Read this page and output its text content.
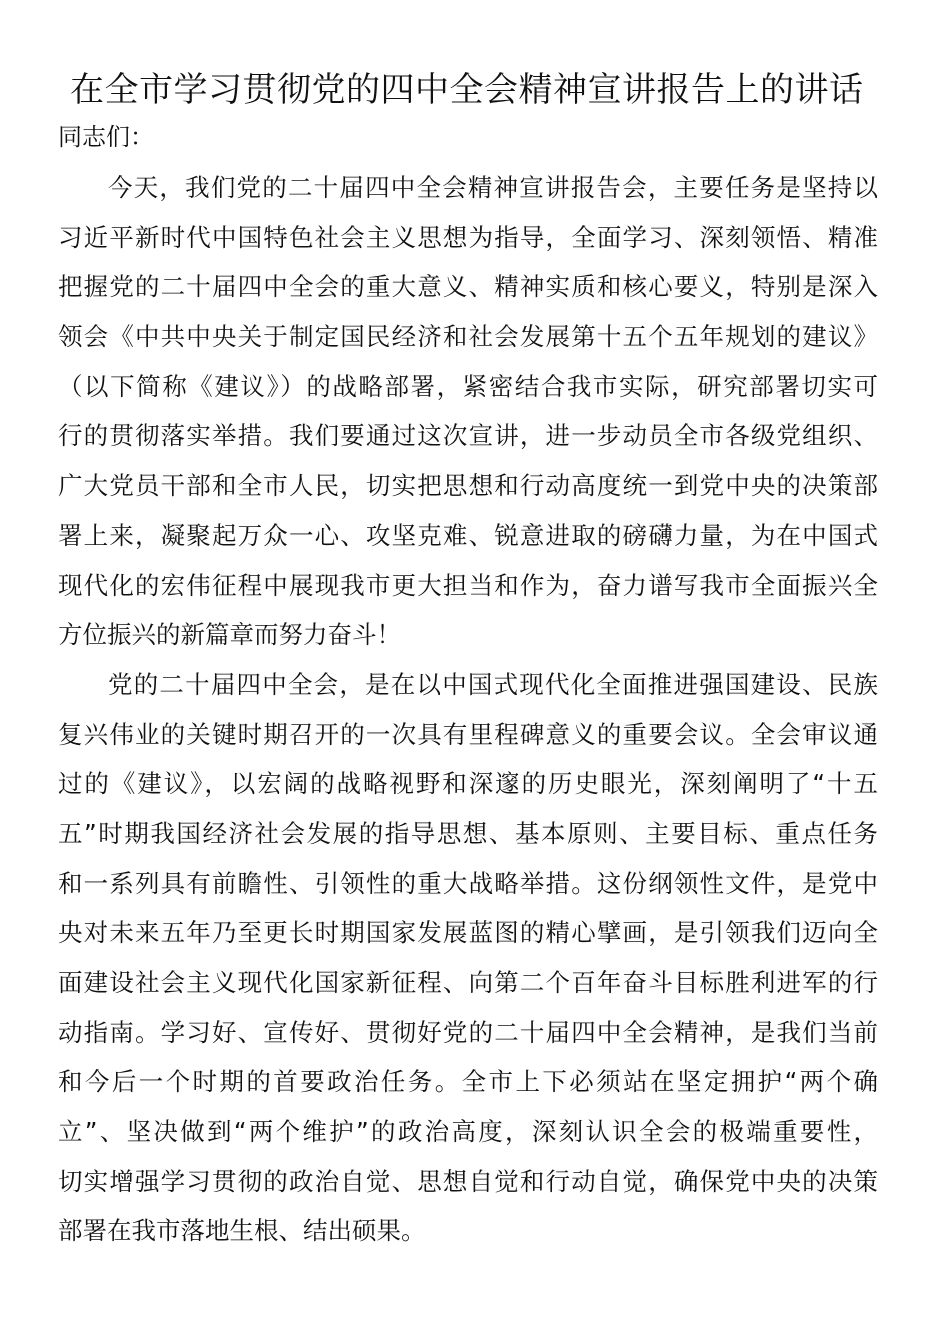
在全市学习贯彻党的四中全会精神宣讲报告上的讲话
同志们：
今天，我们党的二十届四中全会精神宣讲报告会，主要任务是坚持以
习近平新时代中国特色社会主义思想为指导，全面学习、深刻领悟、精准
把握党的二十届四中全会的重大意义、精神实质和核心要义，特别是深入
领会《中共中央关于制定国民经济和社会发展第十五个五年规划的建议》
（以下简称《建议》）的战略部署，紧密结合我市实际，研究部署切实可
行的贯彻落实举措。我们要通过这次宣讲，进一步动员全市各级党组织、
广大党员干部和全市人民，切实把思想和行动高度统一到党中央的决策部
署上来，凝聚起万众一心、攻坚克难、锐意进取的磅礴力量，为在中国式
现代化的宏伟征程中展现我市更大担当和作为，奋力谱写我市全面振兴全
方位振兴的新篇章而努力奋斗！
党的二十届四中全会，是在以中国式现代化全面推进强国建设、民族
复兴伟业的关键时期召开的一次具有里程碑意义的重要会议。全会审议通
过的《建议》，以宏阔的战略视野和深邃的历史眼光，深刻阐明了“十五
五”时期我国经济社会发展的指导思想、基本原则、主要目标、重点任务
和一系列具有前瞻性、引领性的重大战略举措。这份纲领性文件，是党中
央对未来五年乃至更长时期国家发展蓝图的精心擘画，是引领我们迈向全
面建设社会主义现代化国家新征程、向第二个百年奋斗目标胜利进军的行
动指南。学习好、宣传好、贯彻好党的二十届四中全会精神，是我们当前
和今后一个时期的首要政治任务。全市上下必须站在坚定拥护“两个确
立”、坚决做到“两个维护”的政治高度，深刻认识全会的极端重要性，
切实增强学习贯彻的政治自觉、思想自觉和行动自觉，确保党中央的决策
部署在我市落地生根、结出硕果。
